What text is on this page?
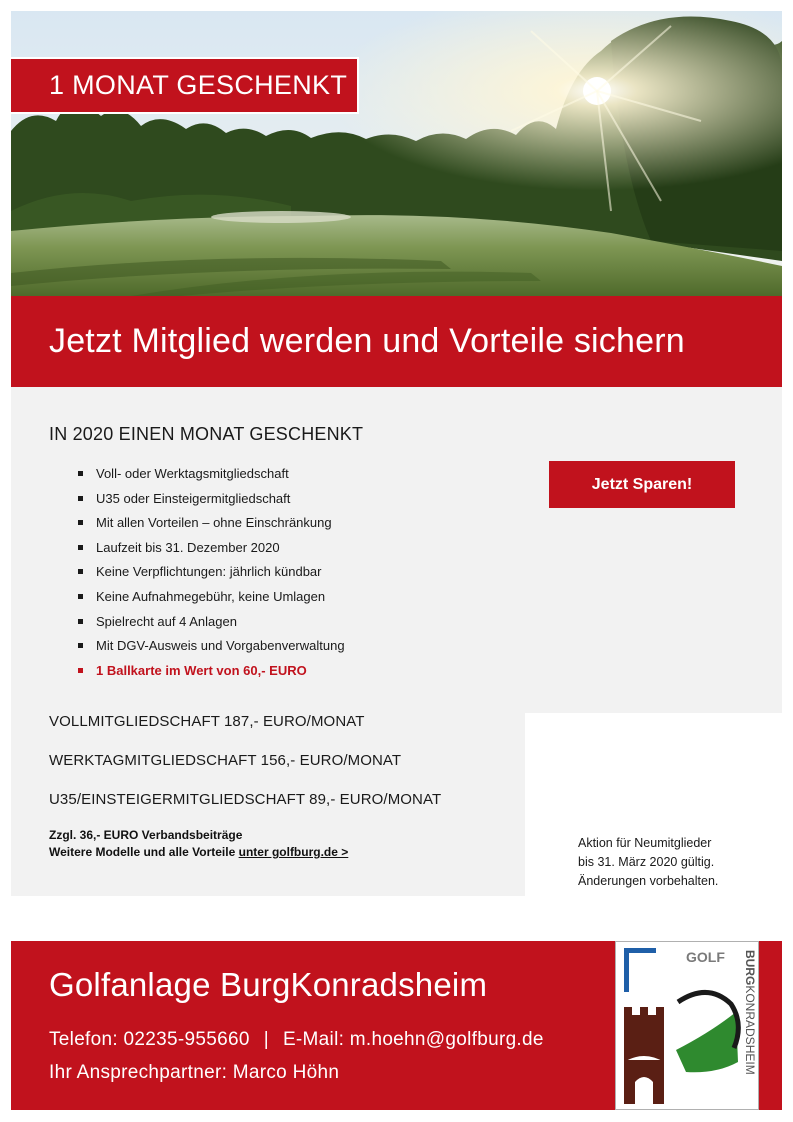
1 MONAT GESCHENKT
Jetzt Mitglied werden und Vorteile sichern
IN 2020 EINEN MONAT GESCHENKT
Voll- oder Werktagsmitgliedschaft
U35 oder Einsteigermitgliedschaft
Mit allen Vorteilen – ohne Einschränkung
Laufzeit bis 31. Dezember 2020
Keine Verpflichtungen: jährlich kündbar
Keine Aufnahmegebühr, keine Umlagen
Spielrecht auf 4 Anlagen
Mit DGV-Ausweis und Vorgabenverwaltung
1 Ballkarte im Wert von 60,- EURO
Jetzt Sparen!
VOLLMITGLIEDSCHAFT 187,- EURO/MONAT
WERKTAGMITGLIEDSCHAFT 156,- EURO/MONAT
U35/EINSTEIGERMITGLIEDSCHAFT 89,- EURO/MONAT
Zzgl. 36,- EURO Verbandsbeiträge
Weitere Modelle und alle Vorteile unter golfburg.de >
Aktion für Neumitglieder
bis 31. März 2020 gültig.
Änderungen vorbehalten.
Golfanlage BurgKonradsheim
Telefon: 02235-955660 | E-Mail: m.hoehn@golfburg.de
Ihr Ansprechpartner: Marco Höhn
GOLF BURGKONRADSHEIM
